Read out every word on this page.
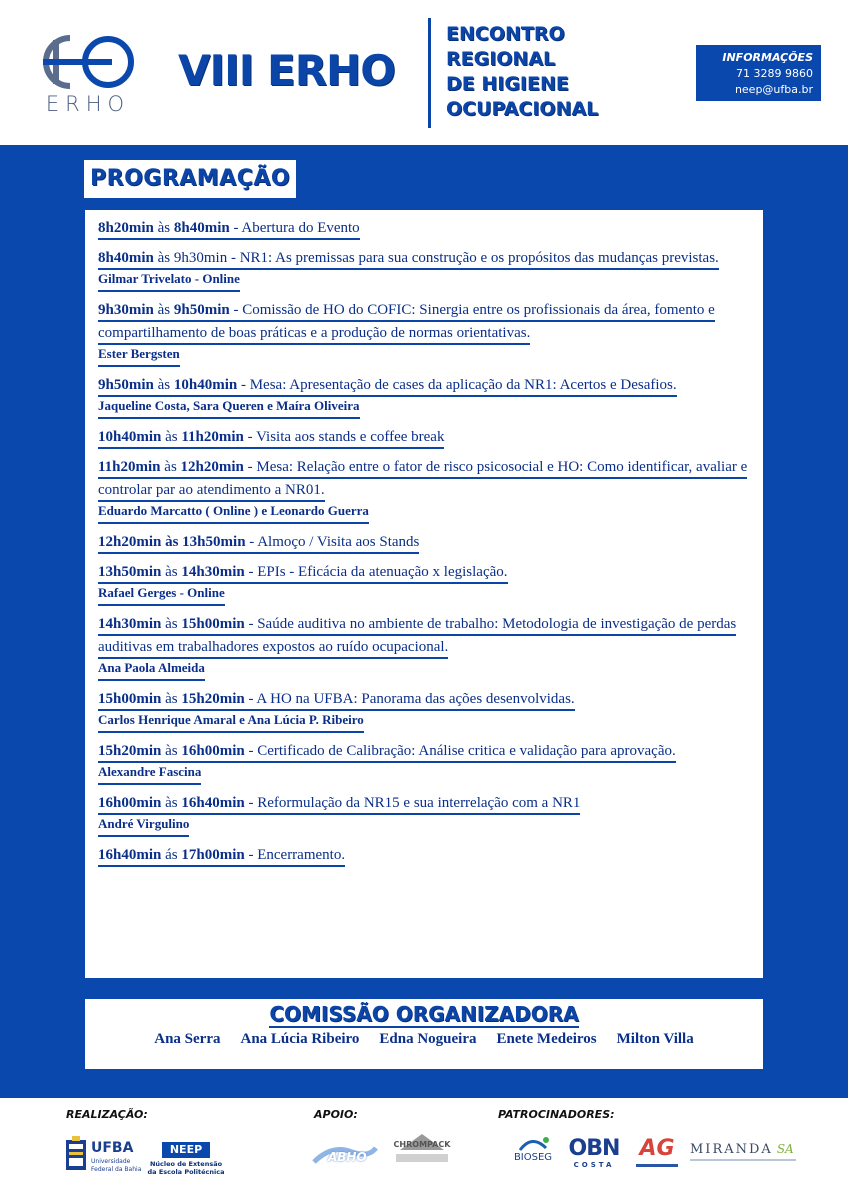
ERHO
VIII ERHO
ENCONTRO
REGIONAL
DE HIGIENE
OCUPACIONAL
INFORMAÇÕES
71 3289 9860
neep@ufba.br
PROGRAMAÇÃO
8h20min às 8h40min - Abertura do Evento
8h40min às 9h30min - NR1: As premissas para sua construção e os propósitos das mudanças previstas.
Gilmar Trivelato - Online
9h30min às 9h50min - Comissão de HO do COFIC: Sinergia entre os profissionais da área, fomento e compartilhamento de boas práticas e a produção de normas orientativas.
Ester Bergsten
9h50min às 10h40min - Mesa: Apresentação de cases da aplicação da NR1: Acertos e Desafios.
Jaqueline Costa, Sara Queren e Maíra Oliveira
10h40min às 11h20min - Visita aos stands e coffee break
11h20min às 12h20min - Mesa: Relação entre o fator de risco psicosocial e HO: Como identificar, avaliar e controlar par ao atendimento a NR01.
Eduardo Marcatto ( Online ) e Leonardo Guerra
12h20min às 13h50min - Almoço / Visita aos Stands
13h50min às 14h30min - EPIs - Eficácia da atenuação x legislação.
Rafael Gerges - Online
14h30min às 15h00min - Saúde auditiva no ambiente de trabalho: Metodologia de investigação de perdas auditivas em trabalhadores expostos ao ruído ocupacional.
Ana Paola Almeida
15h00min às 15h20min - A HO na UFBA: Panorama das ações desenvolvidas.
Carlos Henrique Amaral e Ana Lúcia P. Ribeiro
15h20min às 16h00min - Certificado de Calibração: Análise critica e validação para aprovação.
Alexandre Fascina
16h00min às 16h40min - Reformulação da NR15 e sua interrelação com a NR1
André Virgulino
16h40min ás 17h00min - Encerramento.
COMISSÃO ORGANIZADORA
Ana Serra Ana Lúcia Ribeiro Edna Nogueira Enete Medeiros Milton Villa
REALIZAÇÃO:	APOIO:	PATROCINADORES:
UFBA
Universidade
Federal da Bahia
NEEP
Núcleo de Extensão
da Escola Politécnica
ABHO
CHROMPACK
BIOSEG OBN
COSTA
AG	MIRANDA SA
